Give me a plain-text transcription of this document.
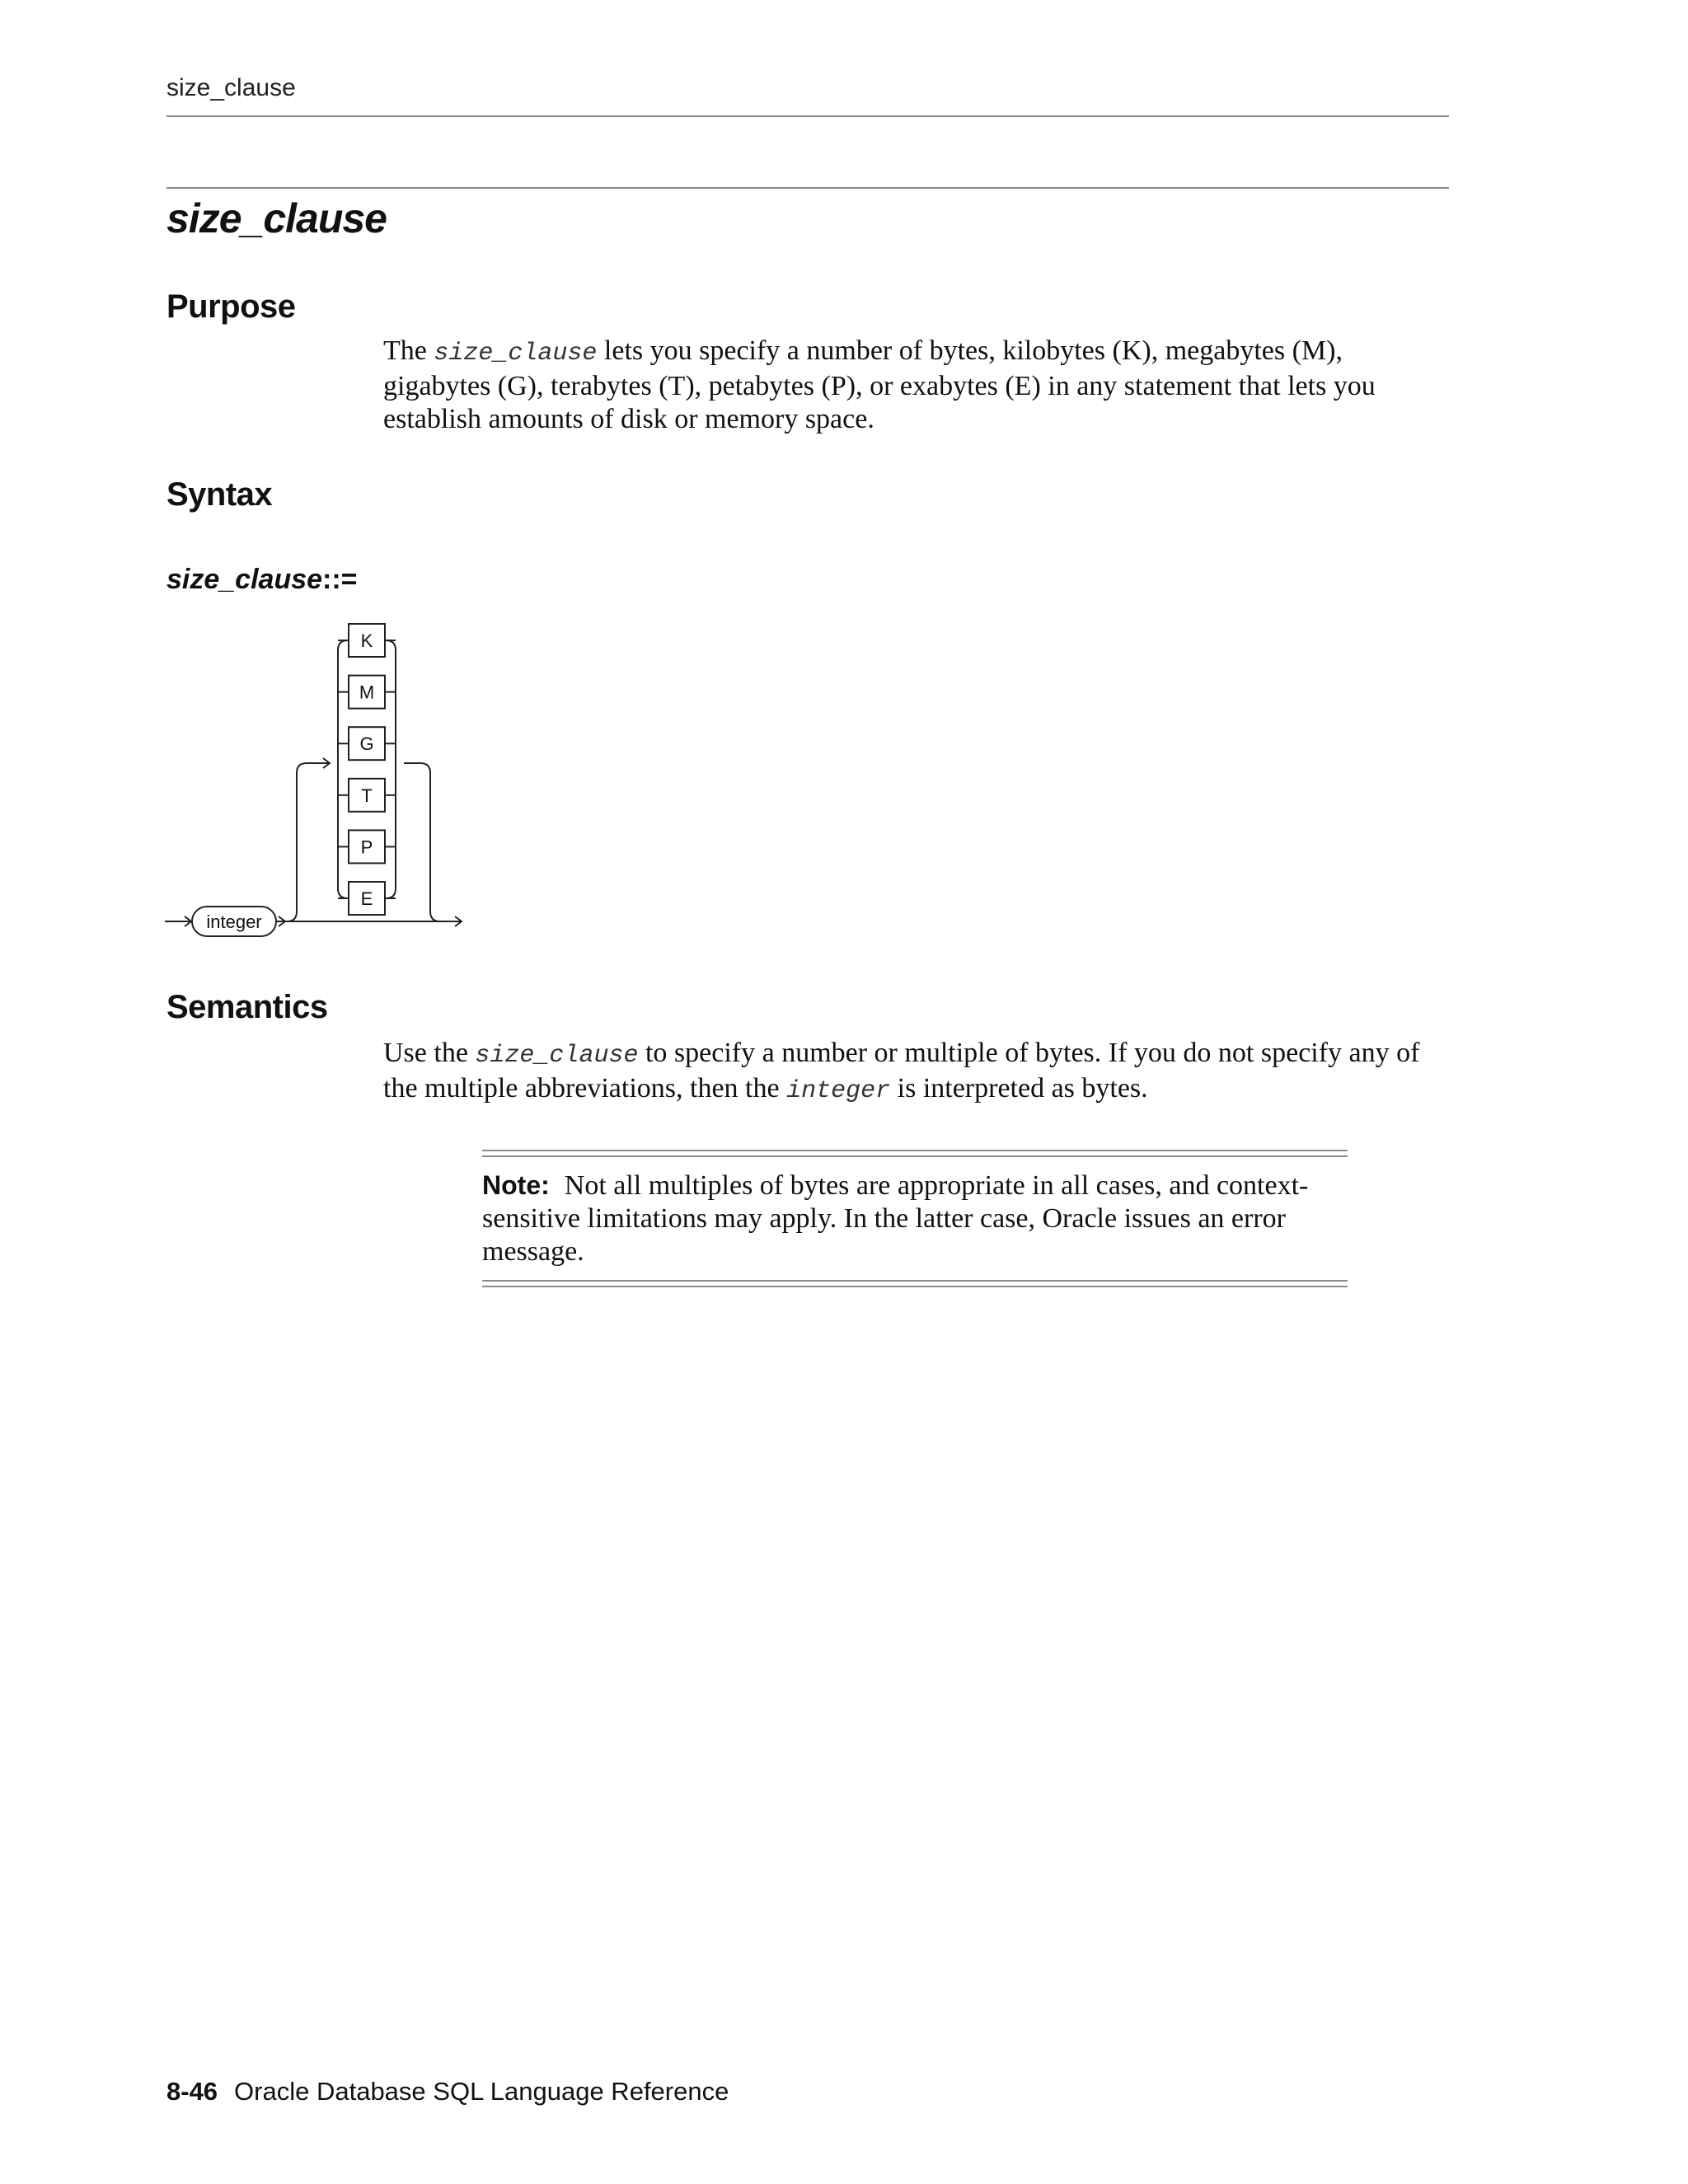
size_clause
size_clause
Purpose
The size_clause lets you specify a number of bytes, kilobytes (K), megabytes (M), gigabytes (G), terabytes (T), petabytes (P), or exabytes (E) in any statement that lets you establish amounts of disk or memory space.
Syntax
size_clause::=
integer
K
M
G
T
P
E
Semantics
Use the size_clause to specify a number or multiple of bytes. If you do not specify any of the multiple abbreviations, then the integer is interpreted as bytes.
Note: Not all multiples of bytes are appropriate in all cases, and context-sensitive limitations may apply. In the latter case, Oracle issues an error message.
8-46 Oracle Database SQL Language Reference
